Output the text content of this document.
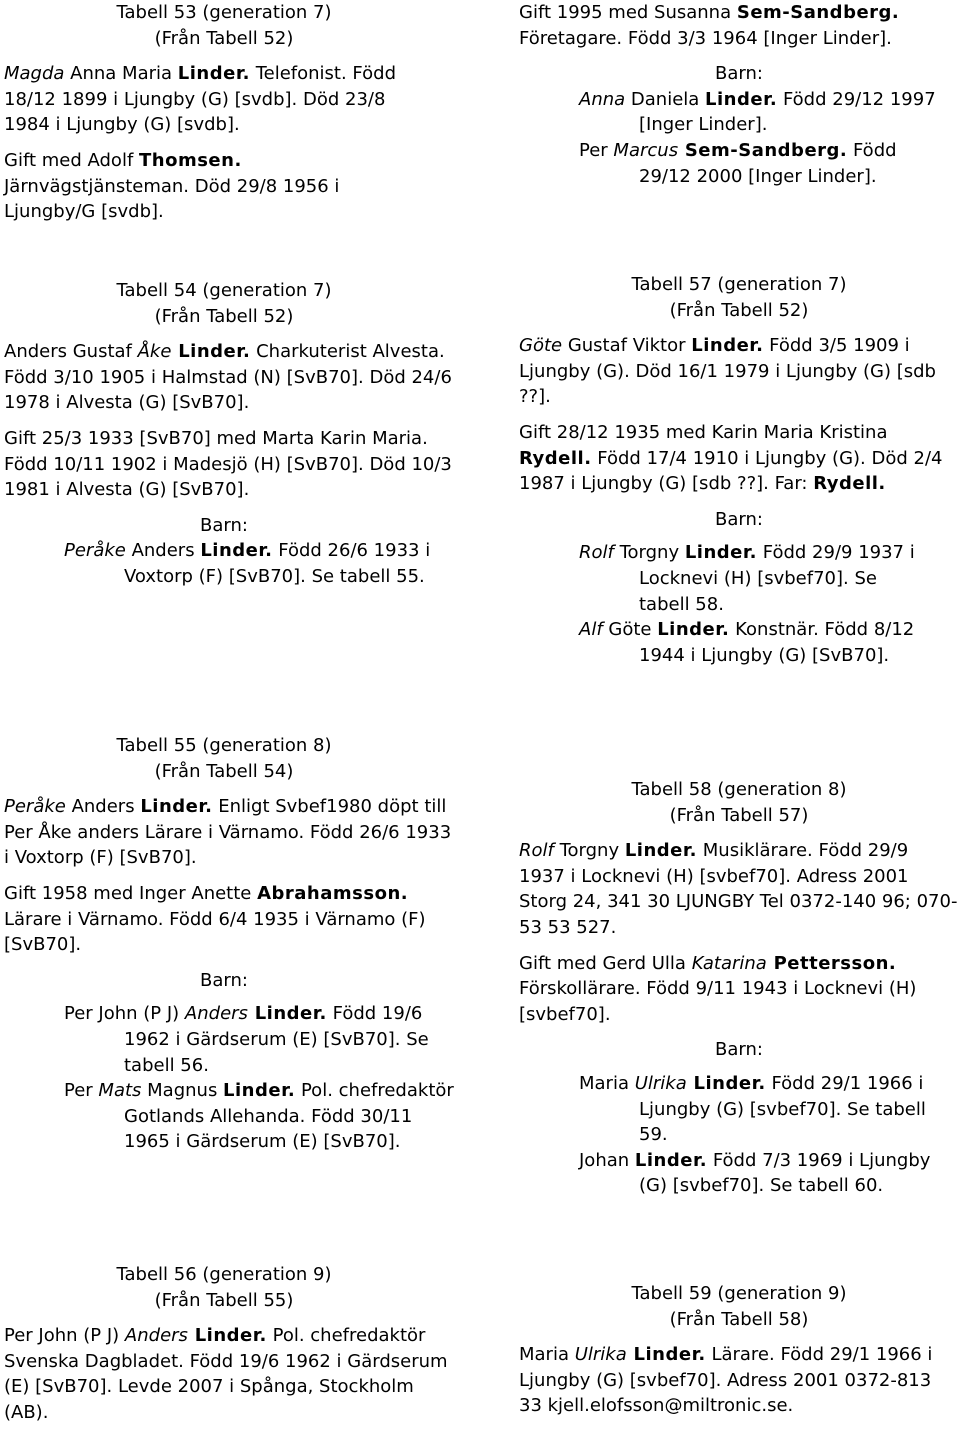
Tabell 53 (generation 7)
(Från Tabell 52)

Magda Anna Maria Linder. Telefonist. Född 18/12 1899 i Ljungby (G) [svdb]. Död 23/8 1984 i Ljungby (G) [svdb].

Gift med Adolf Thomsen. Järnvägstjänsteman. Död 29/8 1956 i Ljungby/G [svdb].

Tabell 54 (generation 7)
(Från Tabell 52)

Anders Gustaf Åke Linder. Charkuterist Alvesta. Född 3/10 1905 i Halmstad (N) [SvB70]. Död 24/6 1978 i Alvesta (G) [SvB70].

Gift 25/3 1933 [SvB70] med Marta Karin Maria. Född 10/11 1902 i Madesjö (H) [SvB70]. Död 10/3 1981 i Alvesta (G) [SvB70].

Barn:

Peråke Anders Linder. Född 26/6 1933 i Voxtorp (F) [SvB70]. Se tabell 55.

Tabell 55 (generation 8)
(Från Tabell 54)

Peråke Anders Linder. Enligt Svbef1980 döpt till Per Åke anders Lärare i Värnamo. Född 26/6 1933 i Voxtorp (F) [SvB70].

Gift 1958 med Inger Anette Abrahamsson. Lärare i Värnamo. Född 6/4 1935 i Värnamo (F) [SvB70].

Barn:

Per John (P J) Anders Linder. Född 19/6 1962 i Gärdserum (E) [SvB70]. Se tabell 56.

Per Mats Magnus Linder. Pol. chefredaktör Gotlands Allehanda. Född 30/11 1965 i Gärdserum (E) [SvB70].

Tabell 56 (generation 9)
(Från Tabell 55)

Per John (P J) Anders Linder. Pol. chefredaktör Svenska Dagbladet. Född 19/6 1962 i Gärdserum (E) [SvB70]. Levde 2007 i Spånga, Stockholm (AB).

Gift 1995 med Susanna Sem-Sandberg. Företagare. Född 3/3 1964 [Inger Linder].

Barn:

Anna Daniela Linder. Född 29/12 1997 [Inger Linder].

Per Marcus Sem-Sandberg. Född 29/12 2000 [Inger Linder].

Tabell 57 (generation 7)
(Från Tabell 52)

Göte Gustaf Viktor Linder. Född 3/5 1909 i Ljungby (G). Död 16/1 1979 i Ljungby (G) [sdb ??].

Gift 28/12 1935 med Karin Maria Kristina Rydell. Född 17/4 1910 i Ljungby (G). Död 2/4 1987 i Ljungby (G) [sdb ??]. Far: Rydell.

Barn:

Rolf Torgny Linder. Född 29/9 1937 i Locknevi (H) [svbef70]. Se tabell 58.

Alf Göte Linder. Konstnär. Född 8/12 1944 i Ljungby (G) [SvB70].

Tabell 58 (generation 8)
(Från Tabell 57)

Rolf Torgny Linder. Musiklärare. Född 29/9 1937 i Locknevi (H) [svbef70]. Adress 2001 Storg 24, 341 30 LJUNGBY Tel 0372-140 96; 070-53 53 527.

Gift med Gerd Ulla Katarina Pettersson. Förskollärare. Född 9/11 1943 i Locknevi (H) [svbef70].

Barn:

Maria Ulrika Linder. Född 29/1 1966 i Ljungby (G) [svbef70]. Se tabell 59.

Johan Linder. Född 7/3 1969 i Ljungby (G) [svbef70]. Se tabell 60.

Tabell 59 (generation 9)
(Från Tabell 58)

Maria Ulrika Linder. Lärare. Född 29/1 1966 i Ljungby (G) [svbef70]. Adress 2001 0372-813 33 kjell.elofsson@miltronic.se.
